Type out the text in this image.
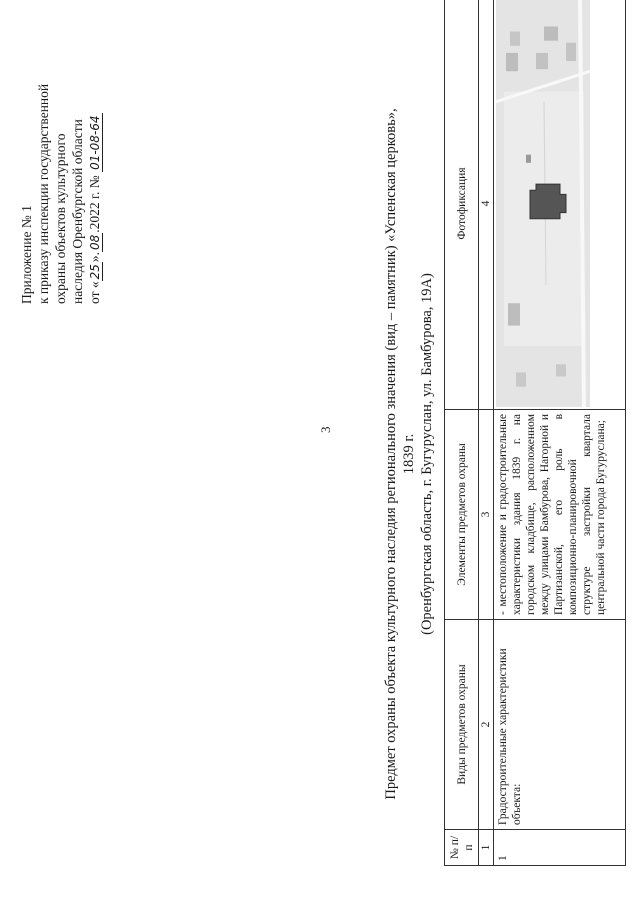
3
Приложение № 1 к приказу инспекции государственной охраны объектов культурного наследия Оренбургской области от «25».08.2022 г. № 01-08-64	Предмет охраны объекта культурного наследия регионального значения (вид – памятник) «Успенская церковь», 1839 г. (Оренбургская область, г. Бугуруслан, ул. Бамбурова, 19А)
№ п/п	Виды предметов охраны	Элементы предметов охраны	Фотофиксация
1	2	3	4
1	Градостроительные характеристики объекта:	- местоположение и градостроительные характеристики здания 1839 г. на городском кладбище, расположенном между улицами Бамбурова, Нагорной и Партизанской, его роль в композиционно-планировочной структуре застройки квартала центральной части города Бугуруслана;	
